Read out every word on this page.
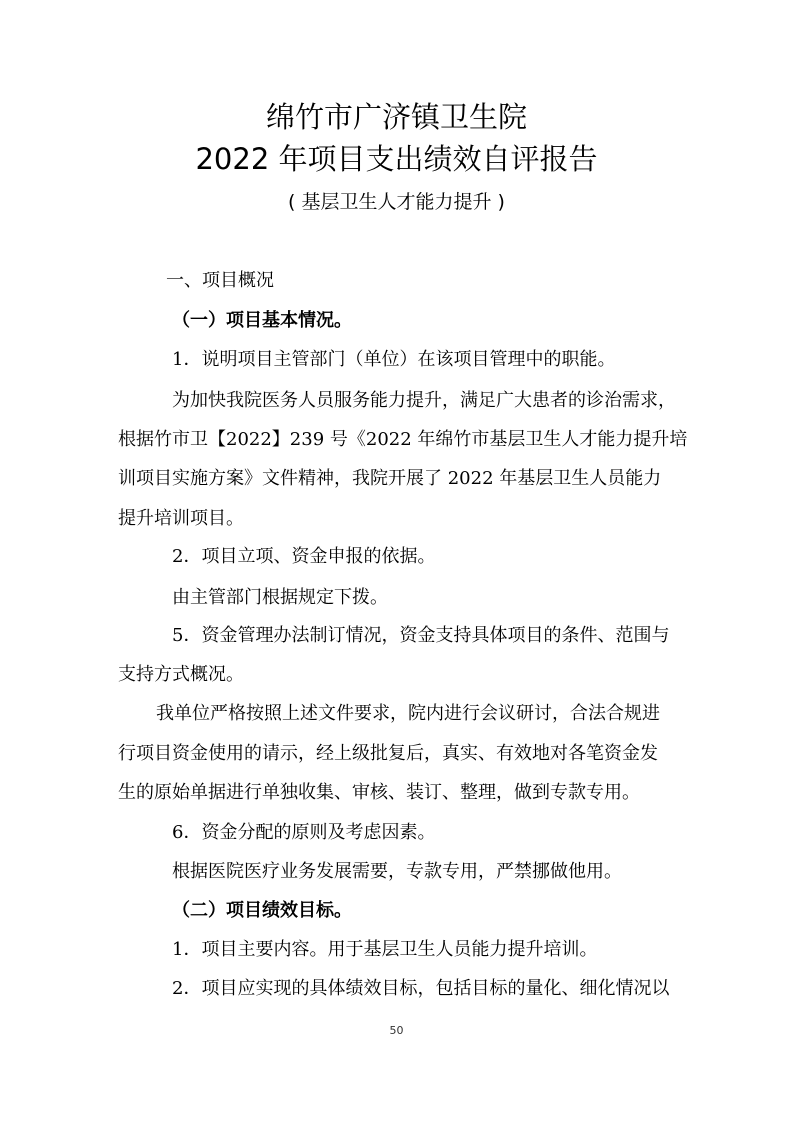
绵竹市广济镇卫生院
2022 年项目支出绩效自评报告
( 基层卫生人才能力提升 )
一、项目概况
（一）项目基本情况。
1．说明项目主管部门（单位）在该项目管理中的职能。
为加快我院医务人员服务能力提升，满足广大患者的诊治需求，
根据竹市卫【2022】239 号《2022 年绵竹市基层卫生人才能力提升培
训项目实施方案》文件精神，我院开展了 2022 年基层卫生人员能力
提升培训项目。
2．项目立项、资金申报的依据。
由主管部门根据规定下拨。
5．资金管理办法制订情况，资金支持具体项目的条件、范围与
支持方式概况。
我单位严格按照上述文件要求，院内进行会议研讨，合法合规进
行项目资金使用的请示，经上级批复后，真实、有效地对各笔资金发
生的原始单据进行单独收集、审核、装订、整理，做到专款专用。
6．资金分配的原则及考虑因素。
根据医院医疗业务发展需要，专款专用，严禁挪做他用。
（二）项目绩效目标。
1．项目主要内容。用于基层卫生人员能力提升培训。
2．项目应实现的具体绩效目标，包括目标的量化、细化情况以
50
